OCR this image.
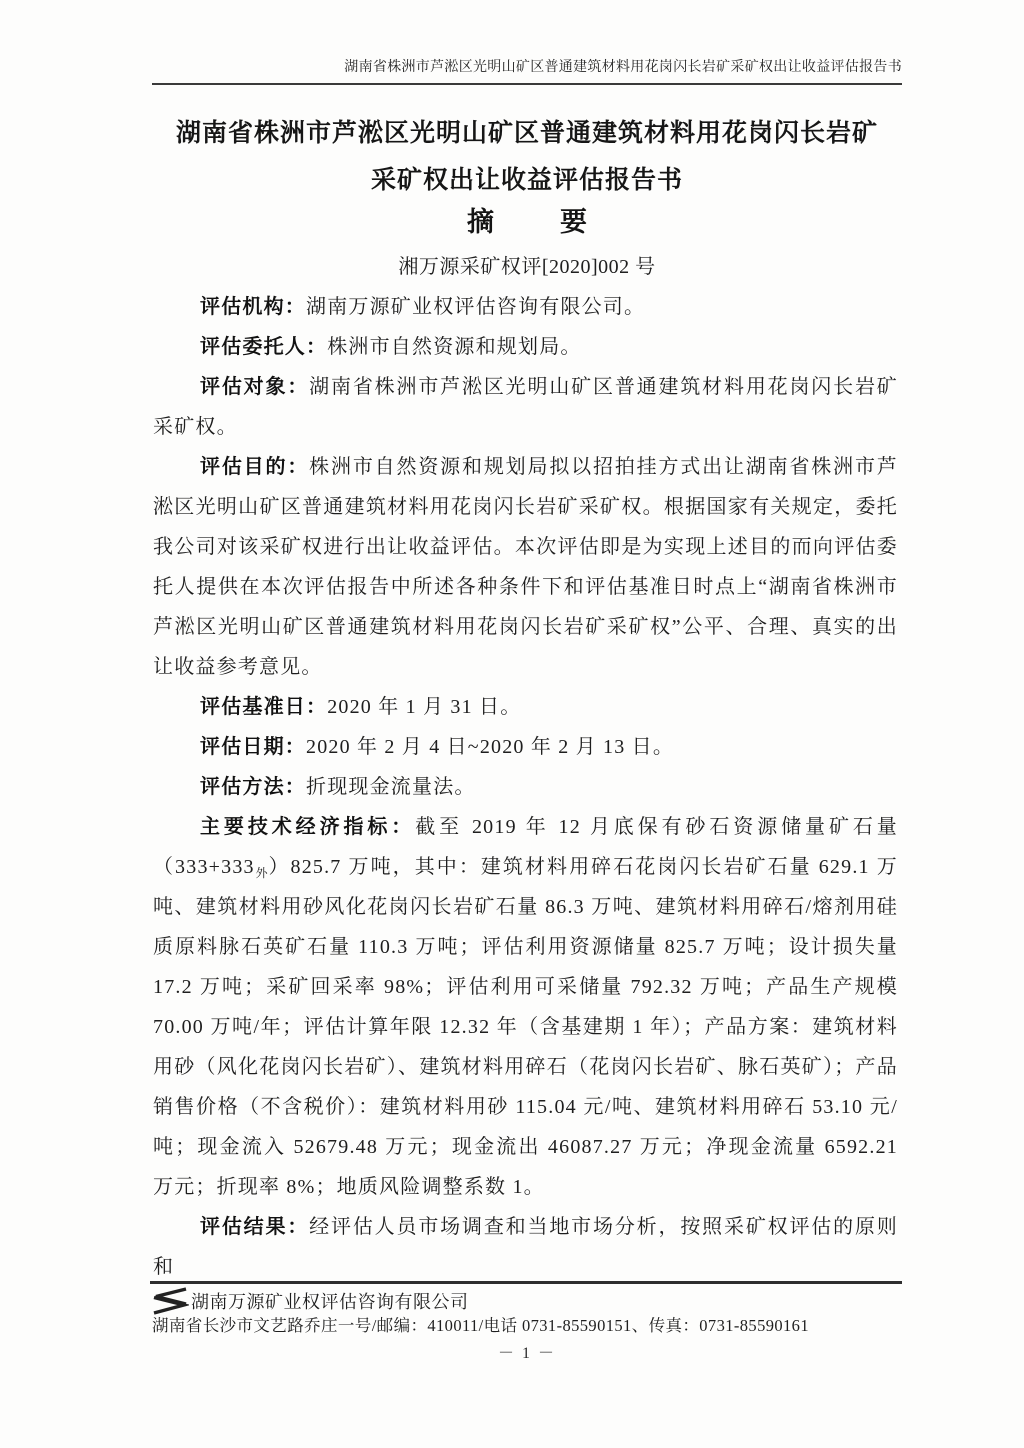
湖南省株洲市芦淞区光明山矿区普通建筑材料用花岗闪长岩矿采矿权出让收益评估报告书
湖南省株洲市芦淞区光明山矿区普通建筑材料用花岗闪长岩矿
采矿权出让收益评估报告书
摘 要
湘万源采矿权评[2020]002 号

评估机构：湖南万源矿业权评估咨询有限公司。

评估委托人：株洲市自然资源和规划局。

评估对象：湖南省株洲市芦淞区光明山矿区普通建筑材料用花岗闪长岩矿采矿权。

评估目的：株洲市自然资源和规划局拟以招拍挂方式出让湖南省株洲市芦淞区光明山矿区普通建筑材料用花岗闪长岩矿采矿权。根据国家有关规定，委托我公司对该采矿权进行出让收益评估。本次评估即是为实现上述目的而向评估委托人提供在本次评估报告中所述各种条件下和评估基准日时点上“湖南省株洲市芦淞区光明山矿区普通建筑材料用花岗闪长岩矿采矿权”公平、合理、真实的出让收益参考意见。

评估基准日：2020 年 1 月 31 日。

评估日期：2020 年 2 月 4 日~2020 年 2 月 13 日。

评估方法：折现现金流量法。

主要技术经济指标：截至 2019 年 12 月底保有砂石资源储量矿石量$(333+333_外)825.7$ 万吨，其中：建筑材料用碎石花岗闪长岩矿石量 629.1 万吨、建筑材料用砂风化花岗闪长岩矿石量 86.3 万吨、建筑材料用碎石/熔剂用硅质原料脉石英矿石量 110.3 万吨；评估利用资源储量 825.7 万吨；设计损失量 17.2 万吨；采矿回采率 98%；评估利用可采储量 792.32 万吨；产品生产规模 70.00 万吨/年；评估计算年限 12.32 年（含基建期 1 年）；产品方案：建筑材料用砂（风化花岗闪长岩矿）、建筑材料用碎石（花岗闪长岩矿、脉石英矿）；产品销售价格（不含税价）：建筑材料用砂 115.04 元/吨、建筑材料用碎石 53.10 元/吨；现金流入 52679.48 万元；现金流出 46087.27 万元；净现金流量 6592.21 万元；折现率 8%；地质风险调整系数 1。

评估结果：经评估人员市场调查和当地市场分析，按照采矿权评估的原则和

湖南万源矿业权评估咨询有限公司
湖南省长沙市文艺路乔庄一号/邮编：410011/电话 0731-85590151、传真：0731-85590161
－ 1 －
